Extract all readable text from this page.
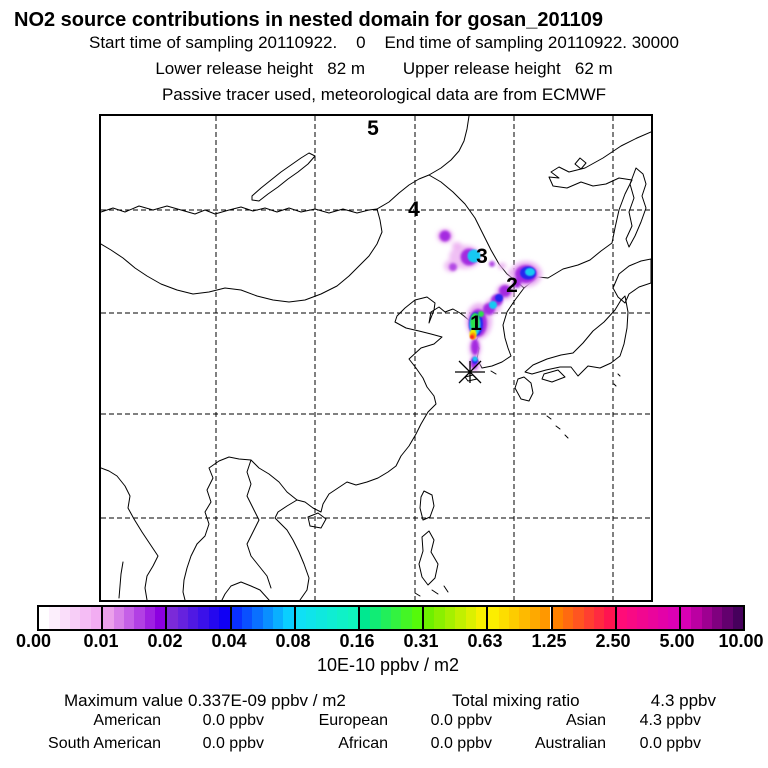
NO2 source contributions in nested domain for gosan_201109
Start time of sampling 20110922.    0    End time of sampling 20110922. 30000
Lower release height   82 m        Upper release height   62 m
Passive tracer used, meteorological data are from ECMWF
5
4
3
2
1
0.00 0.01 0.02 0.04 0.08 0.16 0.31 0.63 1.25 2.50 5.00 10.00
10E-10 ppbv / m2
Maximum value 0.337E-09 ppbv / m2	Total mixing ratio	4.3 ppbv
American	0.0 ppbv	European	0.0 ppbv	Asian	4.3 ppbv
South American	0.0 ppbv	African	0.0 ppbv	Australian	0.0 ppbv
